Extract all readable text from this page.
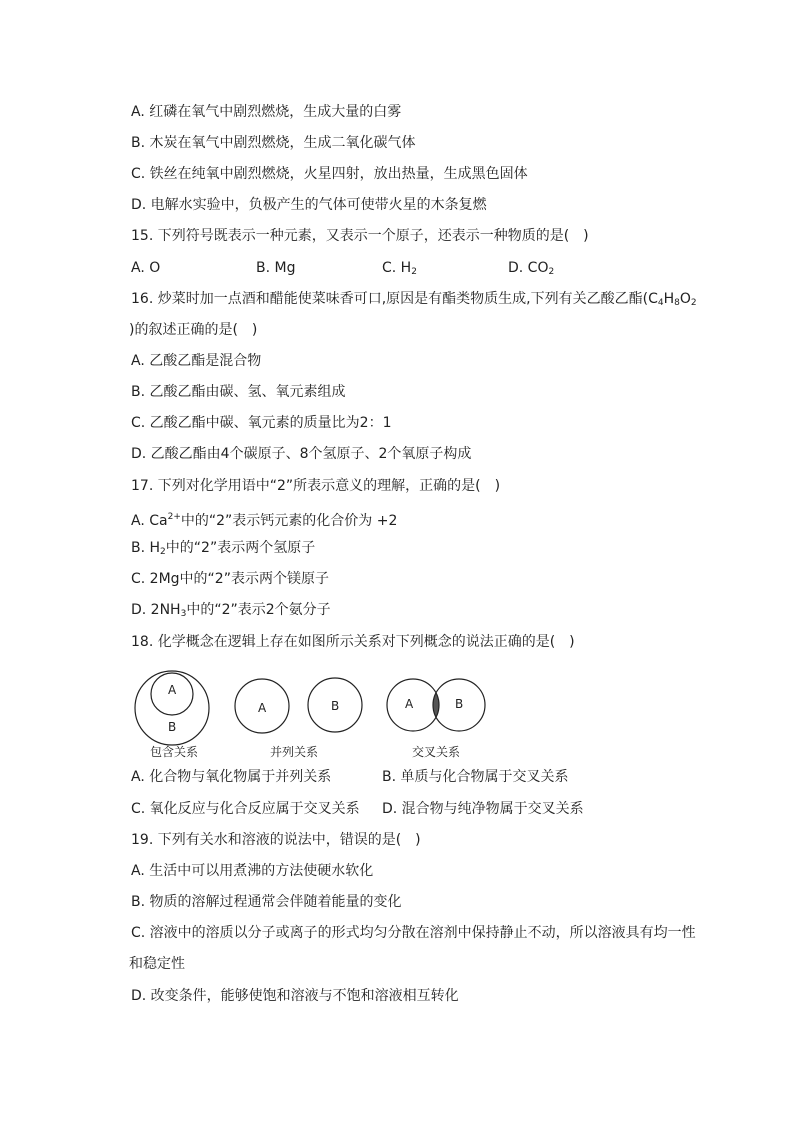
A. 红磷在氧气中剧烈燃烧，生成大量的白雾
B. 木炭在氧气中剧烈燃烧，生成二氧化碳气体
C. 铁丝在纯氧中剧烈燃烧，火星四射，放出热量，生成黑色固体
D. 电解水实验中，负极产生的气体可使带火星的木条复燃
15. 下列符号既表示一种元素，又表示一个原子，还表示一种物质的是(　)
A. O	B. Mg	C. $H_2$	D. $CO_2$
16. 炒菜时加一点酒和醋能使菜味香可口,原因是有酯类物质生成,下列有关乙酸乙酯($C_4H_8O_2$
)的叙述正确的是(　)
A. 乙酸乙酯是混合物
B. 乙酸乙酯由碳、氢、氧元素组成
C. 乙酸乙酯中碳、氧元素的质量比为2：1
D. 乙酸乙酯由4个碳原子、8个氢原子、2个氧原子构成
17. 下列对化学用语中“2”所表示意义的理解，正确的是(　)
A. $Ca^{2+}$中的“2”表示钙元素的化合价为 +2
B. $H_2$中的“2”表示两个氢原子
C. 2Mg中的“2”表示两个镁原子
D. $2NH_3$中的“2”表示2个氨分子
18. 化学概念在逻辑上存在如图所示关系对下列概念的说法正确的是(　)
A
B
包含关系
A	B
并列关系
A	B
交叉关系
A. 化合物与氧化物属于并列关系	B. 单质与化合物属于交叉关系
C. 氧化反应与化合反应属于交叉关系 D. 混合物与纯净物属于交叉关系
19. 下列有关水和溶液的说法中，错误的是(　)
A. 生活中可以用煮沸的方法使硬水软化
B. 物质的溶解过程通常会伴随着能量的变化
C. 溶液中的溶质以分子或离子的形式均匀分散在溶剂中保持静止不动，所以溶液具有均一性
和稳定性
D. 改变条件，能够使饱和溶液与不饱和溶液相互转化
